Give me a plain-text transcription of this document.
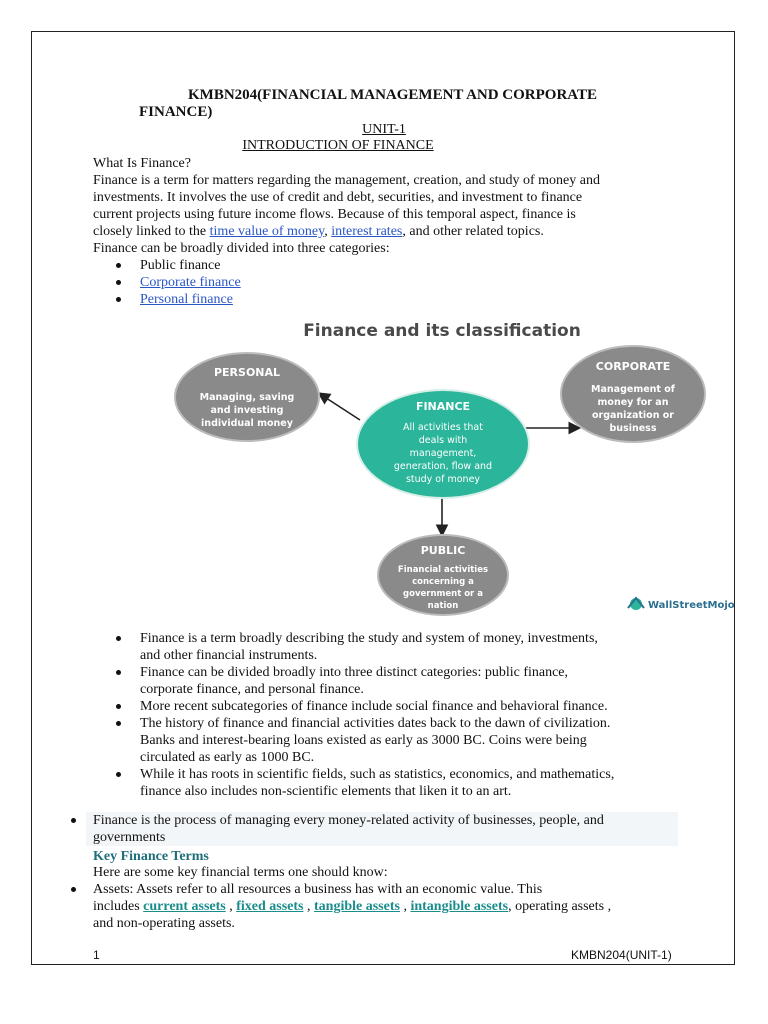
KMBN204(FINANCIAL MANAGEMENT AND CORPORATE
FINANCE)
UNIT-1
INTRODUCTION OF FINANCE
What Is Finance?
Finance is a term for matters regarding the management, creation, and study of money and
investments. It involves the use of credit and debt, securities, and investment to finance
current projects using future income flows. Because of this temporal aspect, finance is
closely linked to the time value of money, interest rates, and other related topics.
Finance can be broadly divided into three categories:
Public finance
Corporate finance
Personal finance
Finance and its classification
PERSONAL
Managing, saving
and investing
individual money
FINANCE
All activities that
deals with
management,
generation, flow and
study of money
CORPORATE
Management of
money for an
organization or
business
PUBLIC
Financial activities
concerning a
government or a
nation	WallStreetMojo
Finance is a term broadly describing the study and system of money, investments,
and other financial instruments.
Finance can be divided broadly into three distinct categories: public finance,
corporate finance, and personal finance.
More recent subcategories of finance include social finance and behavioral finance.
The history of finance and financial activities dates back to the dawn of civilization.
Banks and interest-bearing loans existed as early as 3000 BC. Coins were being
circulated as early as 1000 BC.
While it has roots in scientific fields, such as statistics, economics, and mathematics,
finance also includes non-scientific elements that liken it to an art.
Finance is the process of managing every money-related activity of businesses, people, and
governments
Key Finance Terms
Here are some key financial terms one should know:
Assets: Assets refer to all resources a business has with an economic value. This
includes current assets , fixed assets , tangible assets , intangible assets, operating assets ,
and non-operating assets.
1	KMBN204(UNIT-1)
